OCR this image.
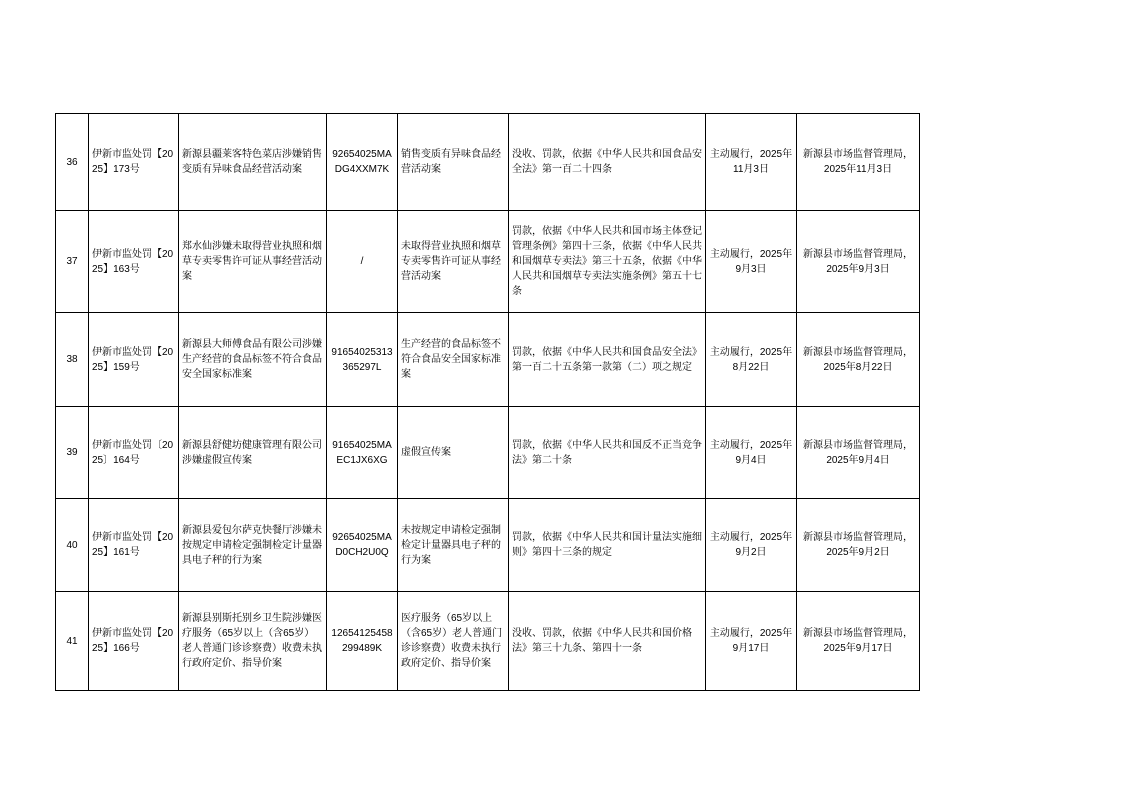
36	伊新市监处罚【2025】173号	新源县疆莱客特色菜店涉嫌销售变质有异味食品经营活动案	92654025MADG4XXM7K	销售变质有异味食品经营活动案	没收、罚款，依据《中华人民共和国食品安全法》第一百二十四条	主动履行，2025年11月3日	新源县市场监督管理局，2025年11月3日
37	伊新市监处罚【2025】163号	郑水仙涉嫌未取得营业执照和烟草专卖零售许可证从事经营活动案	/	未取得营业执照和烟草专卖零售许可证从事经营活动案	罚款，依据《中华人民共和国市场主体登记管理条例》第四十三条，依据《中华人民共和国烟草专卖法》第三十五条，依据《中华人民共和国烟草专卖法实施条例》第五十七条	主动履行，2025年9月3日	新源县市场监督管理局，2025年9月3日
38	伊新市监处罚【2025】159号	新源县大师傅食品有限公司涉嫌生产经营的食品标签不符合食品安全国家标准案	91654025313365297L	生产经营的食品标签不符合食品安全国家标准案	罚款，依据《中华人民共和国食品安全法》第一百二十五条第一款第（二）项之规定	主动履行，2025年8月22日	新源县市场监督管理局，2025年8月22日
39	伊新市监处罚〔2025〕164号	新源县舒健坊健康管理有限公司涉嫌虚假宣传案	91654025MAEC1JX6XG	虚假宣传案	罚款，依据《中华人民共和国反不正当竞争法》第二十条	主动履行，2025年9月4日	新源县市场监督管理局，2025年9月4日
40	伊新市监处罚【2025】161号	新源县爱包尔萨克快餐厅涉嫌未按规定申请检定强制检定计量器具电子秤的行为案	92654025MAD0CH2U0Q	未按规定申请检定强制检定计量器具电子秤的行为案	罚款，依据《中华人民共和国计量法实施细则》第四十三条的规定	主动履行，2025年9月2日	新源县市场监督管理局，2025年9月2日
41	伊新市监处罚【2025】166号	新源县别斯托别乡卫生院涉嫌医疗服务（65岁以上（含65岁）老人普通门诊诊察费）收费未执行政府定价、指导价案	12654125458299489K	医疗服务（65岁以上（含65岁）老人普通门诊诊察费）收费未执行政府定价、指导价案	没收、罚款，依据《中华人民共和国价格法》第三十九条、第四十一条	主动履行，2025年9月17日	新源县市场监督管理局，2025年9月17日
